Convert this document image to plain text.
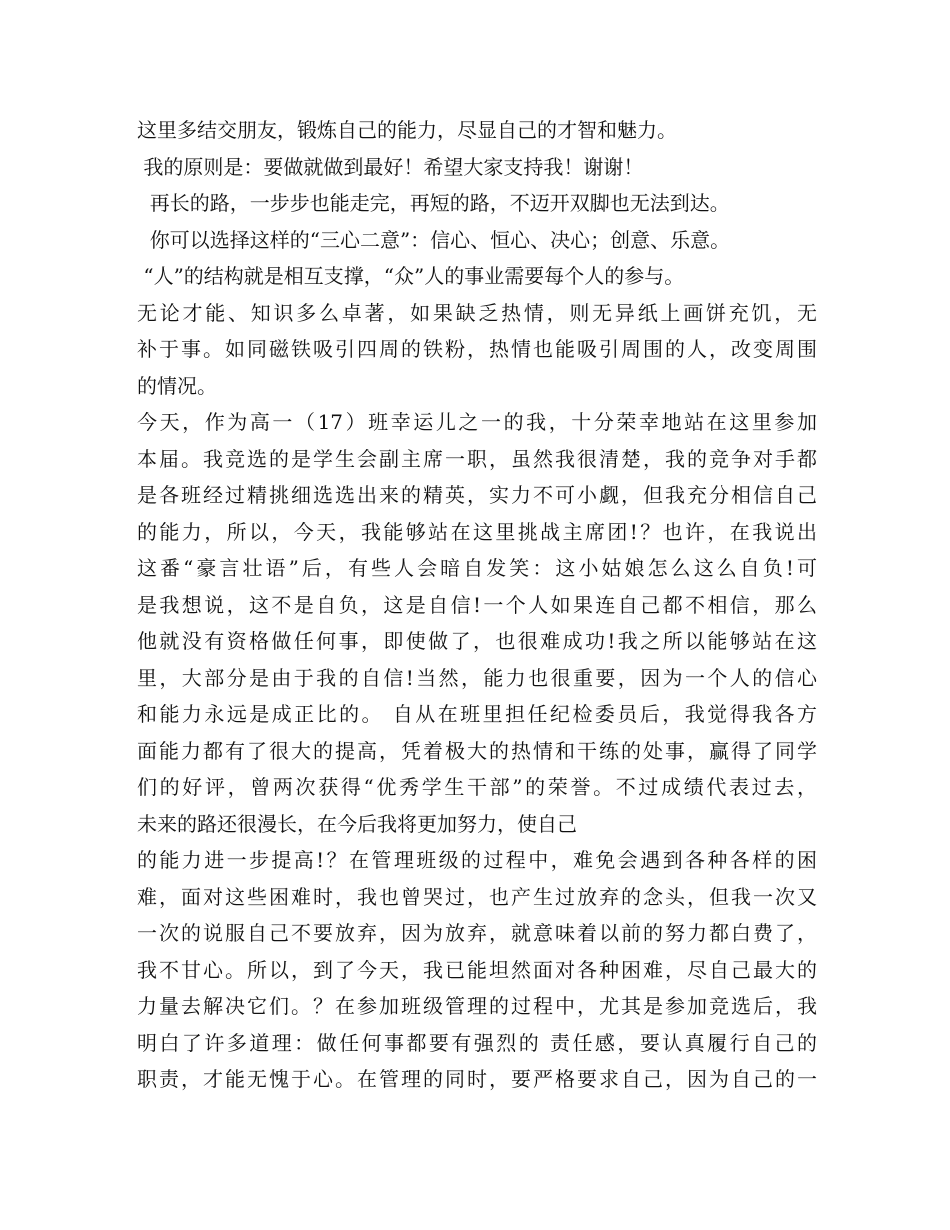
这里多结交朋友，锻炼自己的能力，尽显自己的才智和魅力。
我的原则是：要做就做到最好！希望大家支持我！谢谢！
再长的路，一步步也能走完，再短的路，不迈开双脚也无法到达。
你可以选择这样的“三心二意”：信心、恒心、决心；创意、乐意。
“人”的结构就是相互支撑，“众”人的事业需要每个人的参与。
无论才能、知识多么卓著，如果缺乏热情，则无异纸上画饼充饥，无
补于事。如同磁铁吸引四周的铁粉，热情也能吸引周围的人，改变周围
的情况。
今天，作为高一（17）班幸运儿之一的我，十分荣幸地站在这里参加
本届。我竞选的是学生会副主席一职，虽然我很清楚，我的竞争对手都
是各班经过精挑细选选出来的精英，实力不可小觑，但我充分相信自己
的能力，所以，今天，我能够站在这里挑战主席团!？也许，在我说出
这番“豪言壮语”后，有些人会暗自发笑：这小姑娘怎么这么自负!可
是我想说，这不是自负，这是自信!一个人如果连自己都不相信，那么
他就没有资格做任何事，即使做了，也很难成功!我之所以能够站在这
里，大部分是由于我的自信!当然，能力也很重要，因为一个人的信心
和能力永远是成正比的。 自从在班里担任纪检委员后，我觉得我各方
面能力都有了很大的提高，凭着极大的热情和干练的处事，赢得了同学
们的好评，曾两次获得“优秀学生干部”的荣誉。不过成绩代表过去，
未来的路还很漫长，在今后我将更加努力，使自己
的能力进一步提高!？在管理班级的过程中，难免会遇到各种各样的困
难，面对这些困难时，我也曾哭过，也产生过放弃的念头，但我一次又
一次的说服自己不要放弃，因为放弃，就意味着以前的努力都白费了，
我不甘心。所以，到了今天，我已能坦然面对各种困难，尽自己最大的
力量去解决它们。？在参加班级管理的过程中，尤其是参加竞选后，我
明白了许多道理：做任何事都要有强烈的 责任感，要认真履行自己的
职责，才能无愧于心。在管理的同时，要严格要求自己，因为自己的一
